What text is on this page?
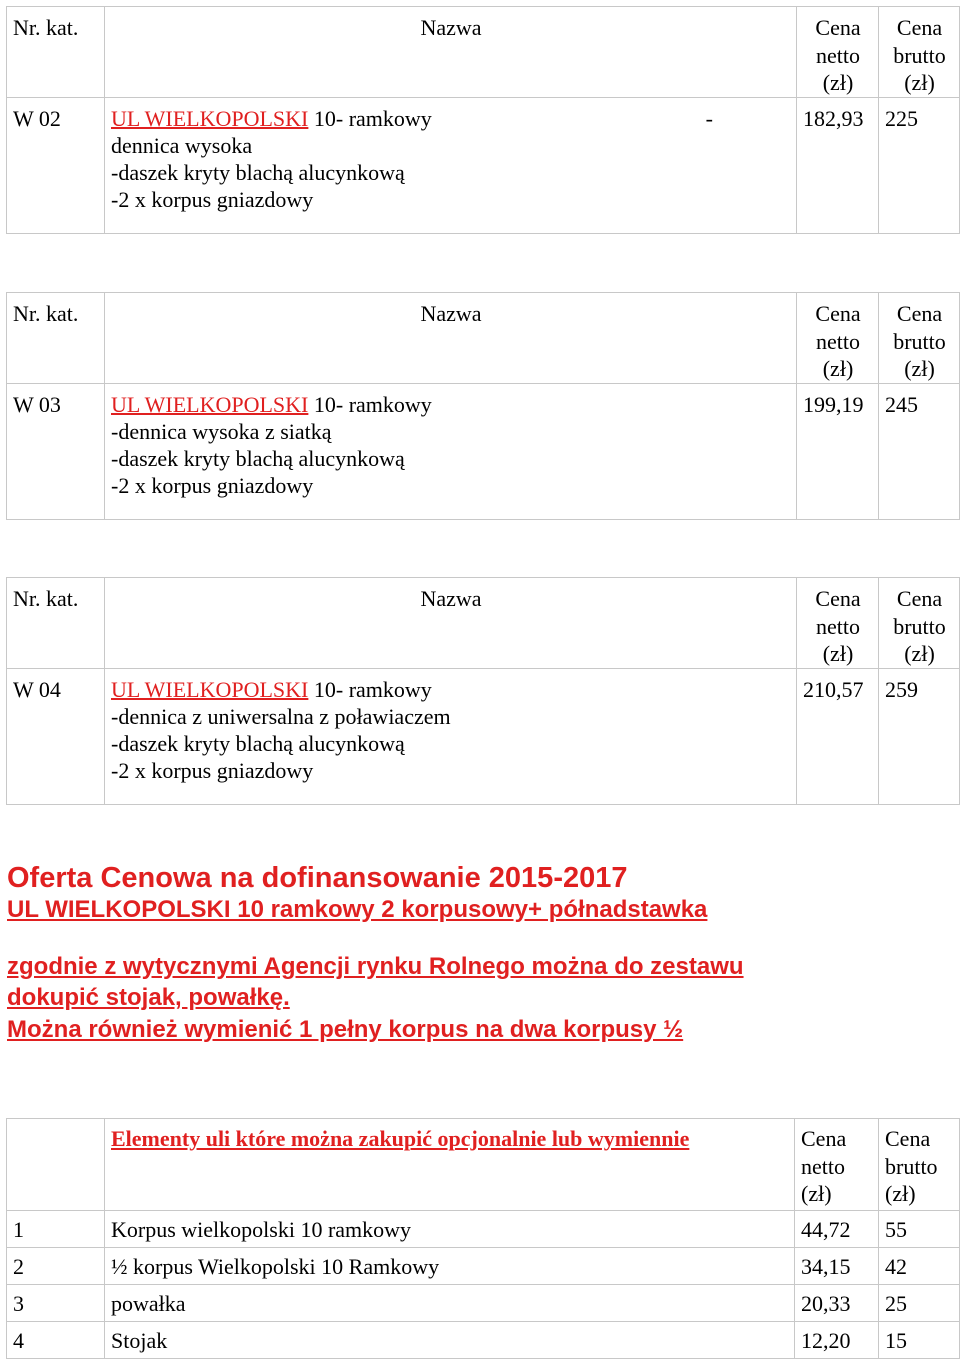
Nr. kat.	Nazwa	Cena
netto
(zł)	Cena
brutto
(zł)
W 02	UL WIELKOPOLSKI 10- ramkowy -
dennica wysoka
-daszek kryty blachą alucynkową
-2 x korpus gniazdowy	182,93	225
Nr. kat.	Nazwa	Cena
netto
(zł)	Cena
brutto
(zł)
W 03	UL WIELKOPOLSKI 10- ramkowy
-dennica wysoka z siatką
-daszek kryty blachą alucynkową
-2 x korpus gniazdowy	199,19	245
Nr. kat.	Nazwa	Cena
netto
(zł)	Cena
brutto
(zł)
W 04	UL WIELKOPOLSKI 10- ramkowy
-dennica z uniwersalna z poławiaczem
-daszek kryty blachą alucynkową
-2 x korpus gniazdowy	210,57	259
Oferta Cenowa na dofinansowanie 2015-2017
UL WIELKOPOLSKI 10 ramkowy 2 korpusowy+ półnadstawka
zgodnie z wytycznymi Agencji rynku Rolnego można do zestawu
dokupić stojak, powałkę.
Można również wymienić 1 pełny korpus na dwa korpusy ½
	Elementy uli które można zakupić opcjonalnie lub wymiennie	Cena
netto
(zł)	Cena
brutto
(zł)
1	Korpus wielkopolski 10 ramkowy	44,72	55
2	½ korpus Wielkopolski 10 Ramkowy	34,15	42
3	powałka	20,33	25
4	Stojak	12,20	15
